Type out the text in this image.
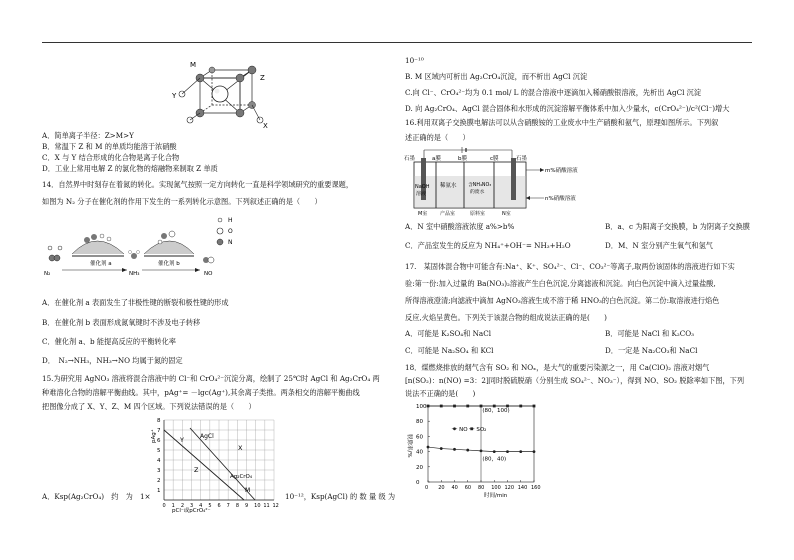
M
Z
Y
X
A．简单离子半径：Z>M>Y
B．常温下 Z 和 M 的单质均能溶于浓硝酸
C．X 与 Y 结合形成的化合物是离子化合物
D．工业上常用电解 Z 的氯化物的熔融物来制取 Z 单质
14．自然界中时刻存在着氮的转化。实现氮气按照一定方向转化一直是科学领域研究的重要课题，
如图为 N₂ 分子在催化剂的作用下发生的一系列转化示意图。下列叙述正确的是（　　）
H
O
N
催化剂 a
N₂	NH₃
催化剂 b
NO
A．在催化剂 a 表面发生了非极性键的断裂和极性键的形成
B．在催化剂 b 表面形成氮氧键时不涉及电子转移
C．催化剂 a、b 能提高反应的平衡转化率
D．　N₂→NH₃，NH₃→NO 均属于氮的固定
15.为研究用 AgNO₃ 溶液将混合溶液中的 Cl⁻和 CrO₄²⁻沉淀分离，绘制了 25℃时 AgCl 和 Ag₂CrO₄ 两
种难溶化合物的溶解平衡曲线。其中，pAg⁺= －lgc(Ag⁺),其余离子类推。两条相交的溶解平衡曲线
把图像分成了 X、Y、Z、M 四个区域。下列说法错误的是（　　）
1
2
3
4
5
6
7
8
0 1 2 3 4 5 6 7 8 9 10 11 12
pAg⁺
pCl⁻或pCrO₄²⁻
AgCl
Ag₂CrO₄
Y
X
Z
M
A．Ksp(Ag₂CrO₄)　约　为　1×	10⁻¹²，Ksp(AgCl) 的 数 量 级 为
10⁻¹⁰
B. M 区域内可析出 Ag₂CrO₄沉淀，而不析出 AgCl 沉淀
C.向 Cl⁻、CrO₄²⁻均为 0.1 mol/ L 的混合溶液中逐滴加入稀硝酸银溶液，先析出 AgCl 沉淀
D. 向 Ag₂CrO₄、AgCl 混合固体和水形成的沉淀溶解平衡体系中加入少量水，c(CrO₄²⁻)/c²(Cl⁻)增大
16.利用双离子交换膜电解法可以从含硝酸铵的工业废水中生产硝酸和氨气，原理如图所示。下列叙
述正确的是（　　）
石墨	石墨
a膜	b膜	c膜
NaOH
溶液
稀氨水 含NH₄NO₃
的废水
M室	产品室	原料室	N室
m%硝酸溶液
n%硝酸溶液
A．N 室中硝酸溶液浓度 a%>b%	B．a、c 为阳离子交换膜，b 为阴离子交换膜
C．产品室发生的反应为 NH₄⁺+OH⁻= NH₃+H₂O	D．M、N 室分别产生氧气和氢气
17.　某固体混合物中可能含有:Na⁺、K⁺、SO₄²⁻、Cl⁻、CO₃²⁻等离子,取两份该固体的溶液进行如下实
验:第一份:加入过量的 Ba(NO₃)₂溶液产生白色沉淀,分离滤液和沉淀。向白色沉淀中滴入过量盐酸,
所得溶液澄清;向滤液中滴加 AgNO₃溶液生成不溶于稀 HNO₃的白色沉淀。第二份:取溶液进行焰色
反应,火焰呈黄色。下列关于该混合物的组成说法正确的是(　　)
A．可能是 K₂SO₄和 NaCl	B．可能是 NaCl 和 K₂CO₃
C．可能是 Na₂SO₄ 和 KCl	D．一定是 Na₂CO₃和 NaCl
18．煤燃烧排放的烟气含有 SO₂ 和 NOₓ，是大气的重要污染源之一，用 Ca(ClO)₂ 溶液对烟气
[n(SO₂)：n(NO) =3：2]同时脱硫脱硝（分别生成 SO₄²⁻、NO₃⁻），得到 NO、SO₂ 脱除率如下图，下列
说法不正确的是(　　)
脱除率/%
时间/min
0
20
40
60
80
100
0 20 40 60 80 100 120 140 160
NO SO₂
(80，100)
(80，40)
